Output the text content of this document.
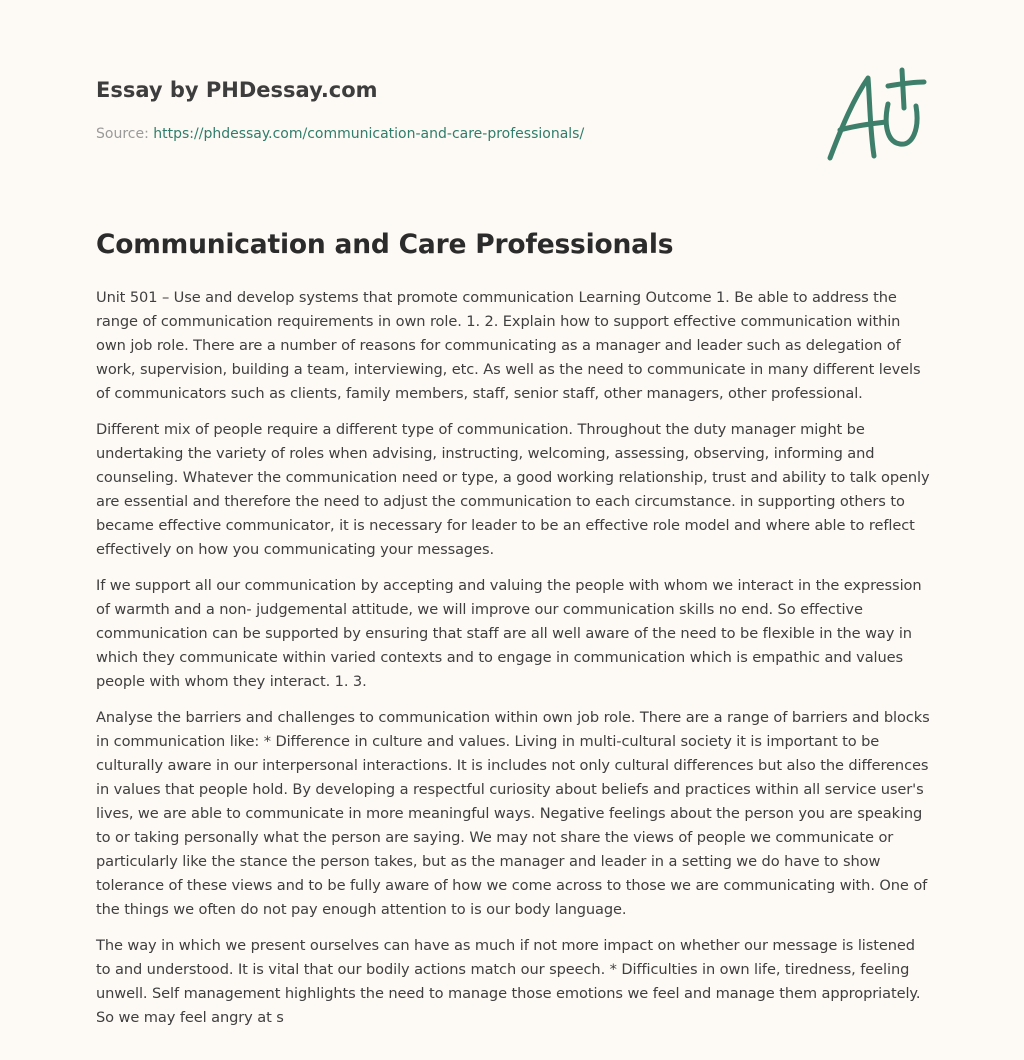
Essay by PHDessay.com
Source: https://phdessay.com/communication-and-care-professionals/
Communication and Care Professionals

Unit 501 – Use and develop systems that promote communication Learning Outcome 1. Be able to address the range of communication requirements in own role. 1. 2. Explain how to support effective communication within own job role. There are a number of reasons for communicating as a manager and leader such as delegation of work, supervision, building a team, interviewing, etc. As well as the need to communicate in many different levels of communicators such as clients, family members, staff, senior staff, other managers, other professional.

Different mix of people require a different type of communication. Throughout the duty manager might be undertaking the variety of roles when advising, instructing, welcoming, assessing, observing, informing and counseling. Whatever the communication need or type, a good working relationship, trust and ability to talk openly are essential and therefore the need to adjust the communication to each circumstance. in supporting others to became effective communicator, it is necessary for leader to be an effective role model and where able to reflect effectively on how you communicating your messages.

If we support all our communication by accepting and valuing the people with whom we interact in the expression of warmth and a non- judgemental attitude, we will improve our communication skills no end. So effective communication can be supported by ensuring that staff are all well aware of the need to be flexible in the way in which they communicate within varied contexts and to engage in communication which is empathic and values people with whom they interact. 1. 3.

Analyse the barriers and challenges to communication within own job role. There are a range of barriers and blocks in communication like: * Difference in culture and values. Living in multi-cultural society it is important to be culturally aware in our interpersonal interactions. It is includes not only cultural differences but also the differences in values that people hold. By developing a respectful curiosity about beliefs and practices within all service user's lives, we are able to communicate in more meaningful ways. Negative feelings about the person you are speaking to or taking personally what the person are saying. We may not share the views of people we communicate or particularly like the stance the person takes, but as the manager and leader in a setting we do have to show tolerance of these views and to be fully aware of how we come across to those we are communicating with. One of the things we often do not pay enough attention to is our body language.

The way in which we present ourselves can have as much if not more impact on whether our message is listened to and understood. It is vital that our bodily actions match our speech. * Difficulties in own life, tiredness, feeling unwell. Self management highlights the need to manage those emotions we feel and manage them appropriately. So we may feel angry at s
